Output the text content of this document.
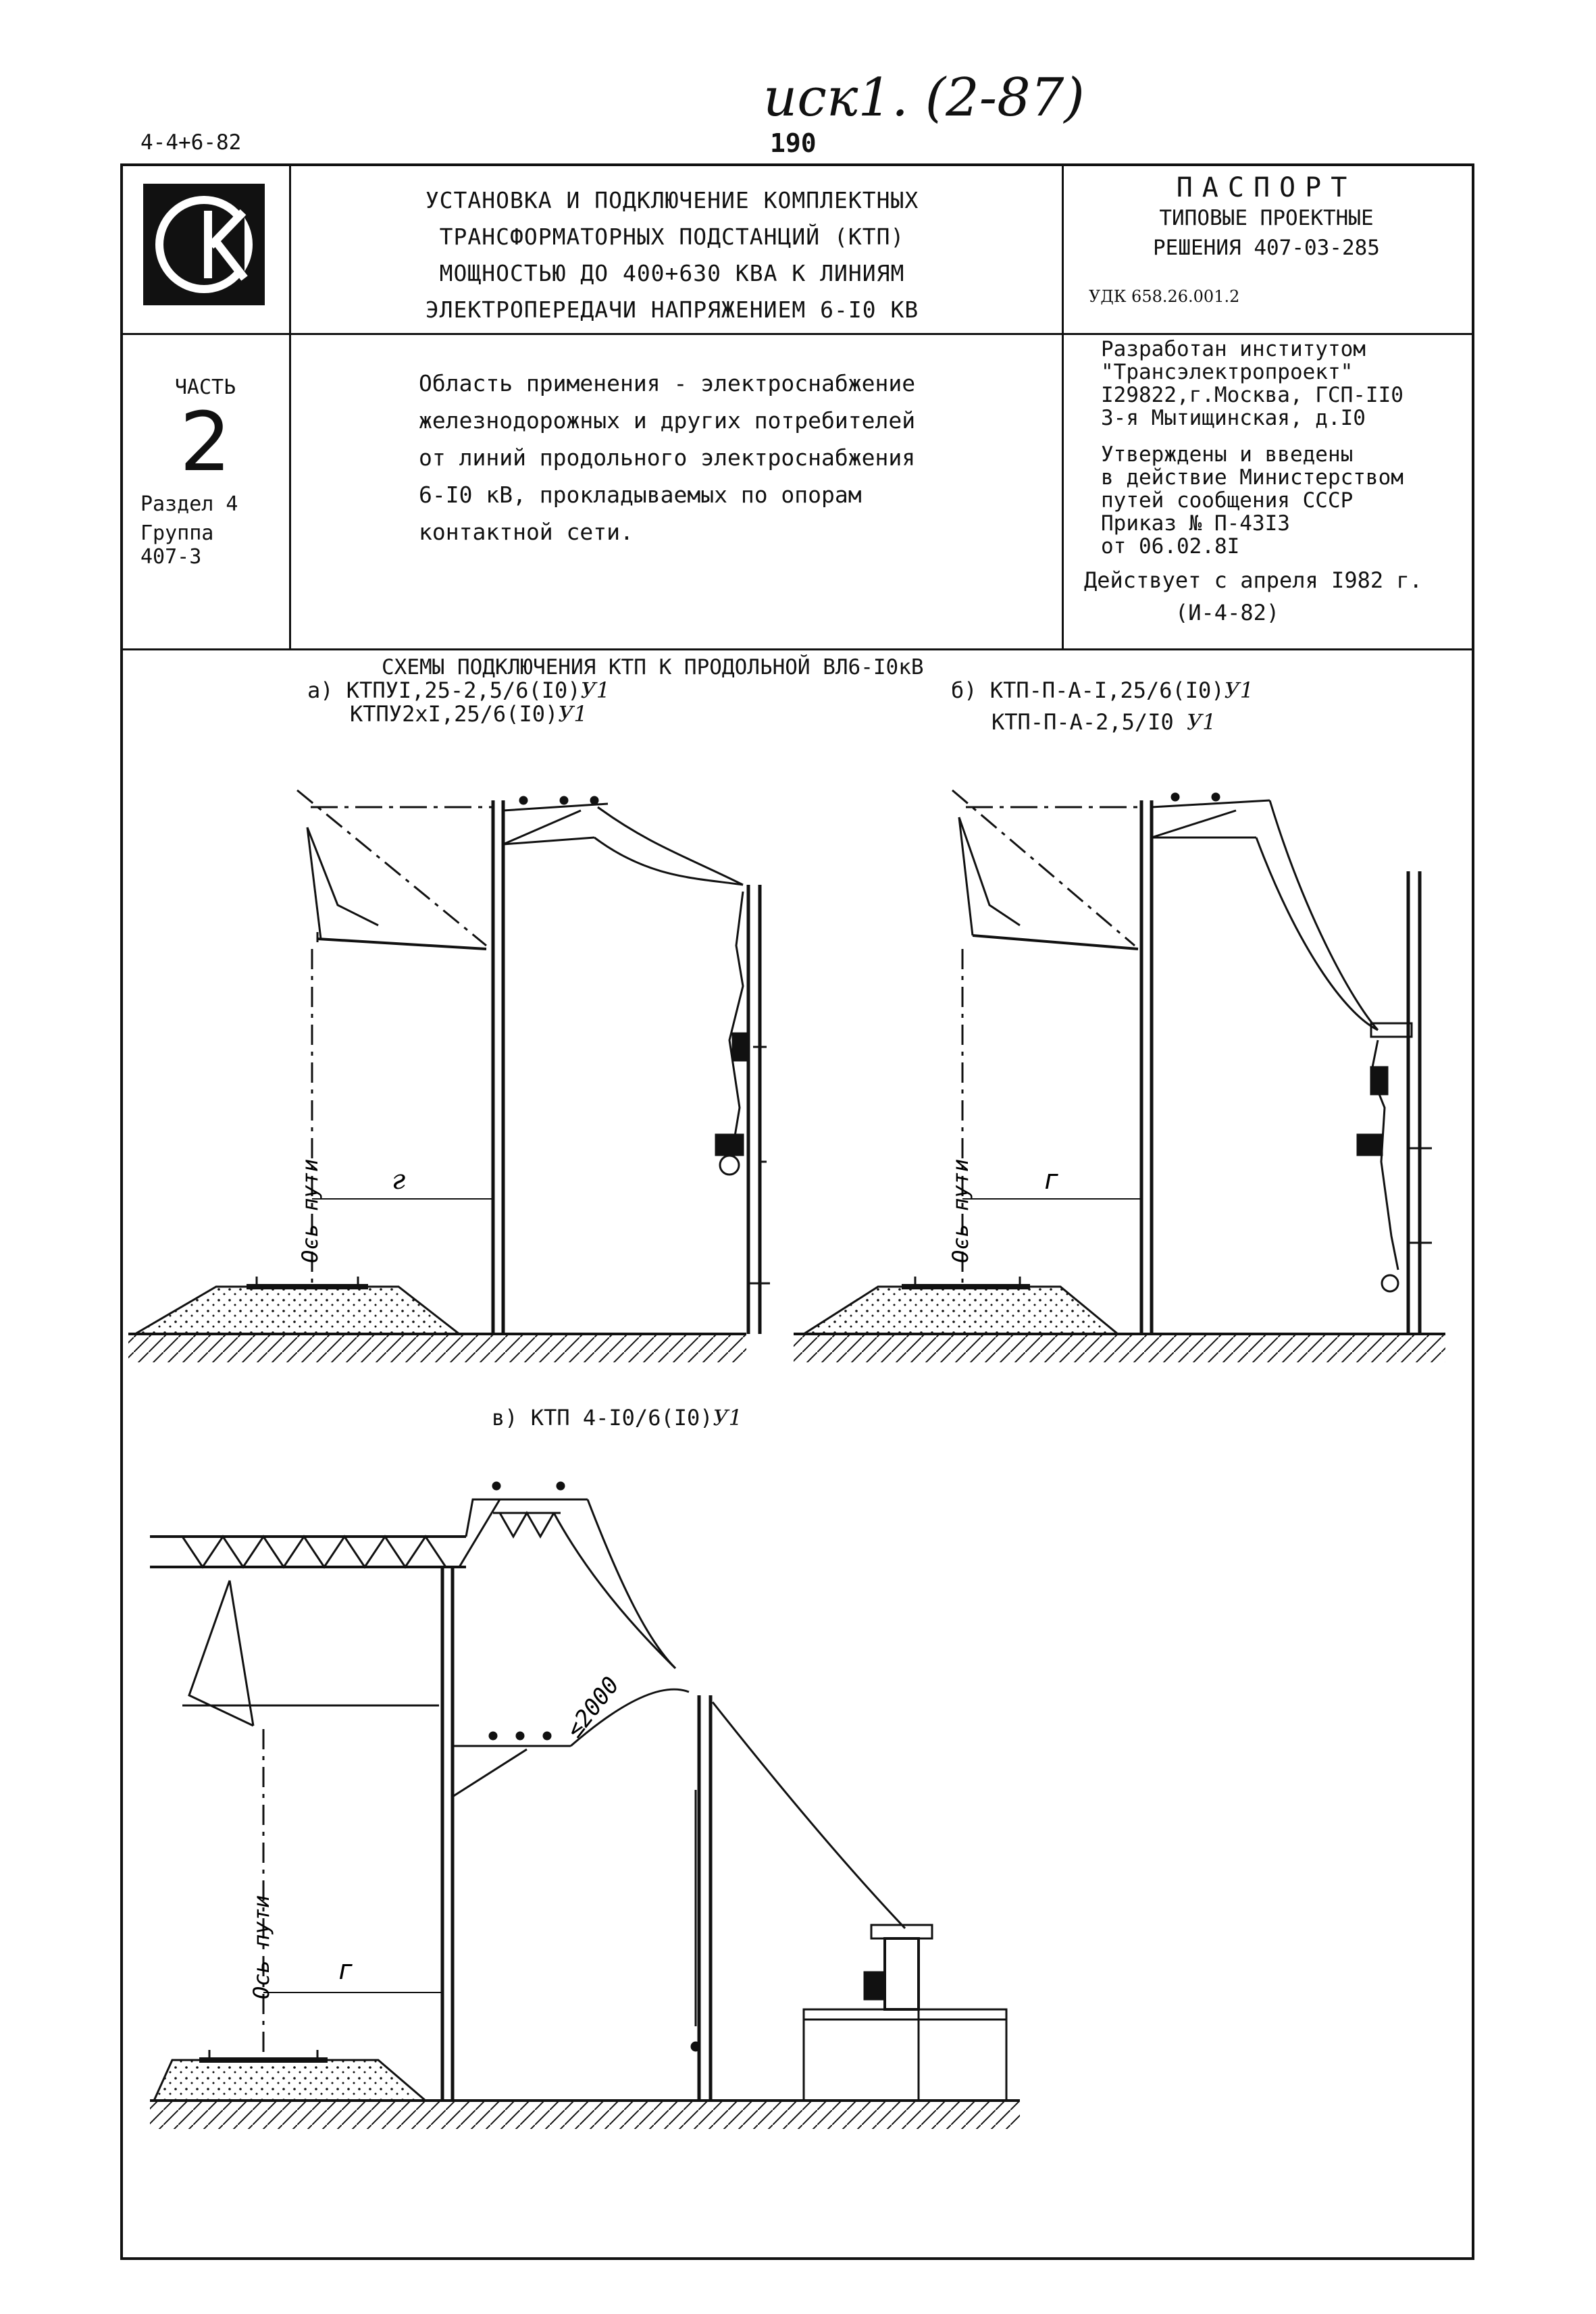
иск1. (2-87)
4-4+6-82	190
УСТАНОВКА И ПОДКЛЮЧЕНИЕ КОМПЛЕКТНЫХ
ТРАНСФОРМАТОРНЫХ ПОДСТАНЦИЙ (КТП)
МОЩНОСТЬЮ ДО 400+630 КВА К ЛИНИЯМ
ЭЛЕКТРОПЕРЕДАЧИ НАПРЯЖЕНИЕМ 6-I0 КВ
ПАСПОРТ
ТИПОВЫЕ ПРОЕКТНЫЕ
РЕШЕНИЯ 407-03-285
УДК 658.26.001.2
ЧАСТЬ
2
Раздел 4
Группа
407-3
Область применения - электроснабжение
железнодорожных и других потребителей
от линий продольного электроснабжения
6-I0 кВ, прокладываемых по опорам
контактной сети.
Разработан институтом
"Трансэлектропроект"
I29822,г.Москва, ГСП-II0
3-я Мытищинская, д.I0
Утверждены и введены
в действие Министерством
путей сообщения СССР
Приказ № П-43I3
от 06.02.8I
Действует с апреля I982 г.
(И-4-82)
СХЕМЫ ПОДКЛЮЧЕНИЯ КТП К ПРОДОЛЬНОЙ ВЛ6-I0кВ
а) КТПУI,25-2,5/6(I0)У1
КТПУ2хI,25/6(I0)У1
б) КТП-П-А-I,25/6(I0)У1
КТП-П-А-2,5/I0 У1
в) КТП 4-I0/6(I0)У1
г
Ось пути	г
Ось пути
≤2000
г
Ось пути
